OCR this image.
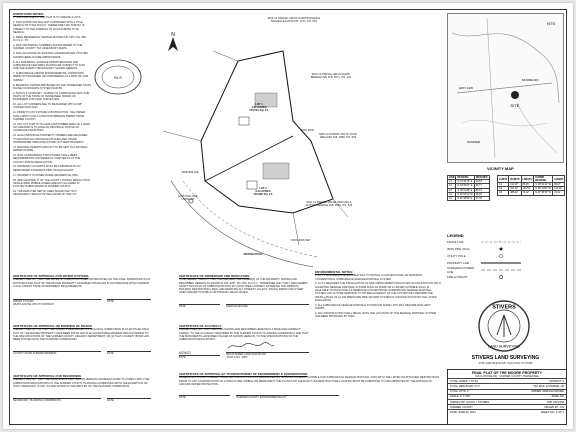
SURVEYORS NOTES:

1. THE PURPOSE OF THIS PLAT IS TO CREATE 2 LOTS.

2. THIS SURVEYOR WAS NOT FURNISHED WITH A TITLE SEARCH OR TITLE POLICY, THEREFORE THIS SURVEY IS SUBJECT TO THE FINDINGS OF AN ACCURATE TITLE SEARCH.

3. DEED REFERENCE: MARSHA MOORE R.B. 5357, PG. 860 R.O.S.C., TN.

4. MAP AND PARCEL NUMBERS SHOWN REFER TO THE SUMNER COUNTY TAX ASSESSOR'S MAPS.

5. THE LOCATIONS OF EXISTING UNDERGROUND UTILITIES SHOWN HERE ON ARE APPROXIMATE.

6. ALL BUILDINGS, SURFACE APPURTENANCES AND SUBSURFACE FEATURES SHOWN ARE SUBJECT TO THIS SITE THE SURVEY NECESSARILY SHOWN HEREON.

7. SUBSURFACE AND/OR ENVIRONMENTAL CONDITIONS WERE NOT EXAMINED OR CONSIDERED AS A PART OF THIS SURVEY.

8. BEARINGS SHOWN ARE BASED ON THE TENNESSEE STATE PLANE COORDINATE SYSTEM (NAD 83).

9. THIS IS A CATEGORY I SURVEY IN COMPLIANCE WITH THE PLATS OF THE STATE OF TENNESSEE, BOARD OF EXAMINERS FOR LAND SURVEYORS.

10. ALL LOT CORNERS ARE TO BE MARKED WITH A 5/8" CAPPED IRON ROD.

11. PRIOR TO ANY FUTURE CONSTRUCTION, THE OWNER SHALL APPLY FOR A LAND DISTURBANCE PERMIT FROM SUMNER COUNTY.

12. ANY LOT THAT IS TO HAVE A DISTURBED AREA OF 1 ACRE OR GREATER IS TO HAVE AN INDIVIDUAL NOTICE OF COVERAGE FROM TDEC.

13. EACH INDIVIDUAL PROPERTY OWNERS ARE REQUIRED TO MAINTAIN ALL DRAINAGE DITCHES AND OTHER STORMWATER INFRASTRUCTURE ON THEIR PROPERTY.

14. BUILDING PERMITS ARE NOT TO BE SETT IN A NATURAL WATERCOURSE.

15. NON-CONFORMING STRUCTURES SHALL MEET REQUIREMENTS CONTAINED AT CHAPTER 12 OF THE COUNTY ZONING RESOLUTION.

16. DRIVEWAY CULVERTS MUST BE A MINIMUM OF 15" REINFORCED CONCRETE PIPE OR EQUIVALENT.

17. PROPERTY IS ZONED RURAL RESIDENTIAL (RR).

18. PER CHAPTER 17 OF THE COUNTY ZONING RESOLUTION, SINGLE WIDE MOBILE HOMES ARE NOT ALLOWED IN PLATTED SUBDIVISIONS IN SUMNER COUNTY.

19. THE DEPICTED SEPTIC AREA SHOWN MAY NOT NECESSARILY RESULT IN THE HOUSE OF THE LOT.

RLS
N
MAP 12 PARCEL 060.03 CHRISTOPHER & MICHELLE HAUN R.B. 4971, PG. 543
MAP 12 PARCEL 060.02 DAVID BREEDLOVE R.B. 4671, PG. 451
MAP 12 PARCEL 060.01 JOHN WEILAND R.B. 4880, PG. 554
MAP 12 PARCEL 059.00 NICKUNS & AUSTIN GEORGE R.B. 4882, PG. 543
LOT 1
4.97 ACRES
216,521 SQ. FT.
LOT 2
3.00 ACRES
130,680 SQ. FT.
EXISTING FIRE HYDRANT
CENTERLINE
MOORE ROAD
IRON ROD
IRON ROD SET
SITE
HWY 31W
MOORE RD
SUMNER
NTS
VICINITY MAP
LINE	BEARING	DISTANCE
L1	N 14°44'15" E	45.64'
L2	N 40°32'07" E	35.77'
L3	S 79°21'28" E	86.13'
L4	S 23°06'11" W	26.03'
L5	S 44°18'59" E	67.78'
CURVE	RADIUS	LENGTH	CHORD BEARING	CHORD
C1	612.07'	88.15'	N 48°34'12" W	88.07'
C2	612.07'	124.50'	N 38°11'26" W	124.28'
C3	388.42'	74.12'	N 27°45'33" W	74.01'
LEGEND
FENCE LINE
IRON PIPE (OLD)
UTILITY POLE
PROPERTY LINE
OVERHEAD POWER LINE
FIRE HYDRANT
STIVERS
LAND SURVEYING
STIVERS LAND SURVEYING
1735 CARLISLE ROAD, GALLATIN, TN 37066
FINAL PLAT OF THE MOORE PROPERTY
315 & MOORE RD., SUMNER COUNTY, TENNESSEE
TOTAL ACRES: 7.97 AC	DISTRICT: 2
TOTAL NEW ROAD: 0 FT	TAX MAP: 12 PARCEL: 60
TOTAL LOTS: 2	OWNER: MARSHA MOORE
SCALE: 1" = 100'	ZONE: RR
SURVEYOR: JASON J. STIVERS	JOB: 2021-064
SUMNER COUNTY	DRAWN BY: JJS
DATE: JUNE 22, 2021	SHEET NO.: 1 OF 1
CERTIFICATE OF APPROVAL FOR WATER SYSTEMS
I HEREBY CERTIFY THAT THE WATER SYSTEM(S) OUTLINED OR INDICATED ON THE FINAL SUBDIVISION PLAT ENTITLED FINAL PLAT OF THE MOORE PROPERTY HAVE BEEN INSTALLED IN ACCORDANCE WITH CURRENT LOCAL AND/OR STATE GOVERNMENT REQUIREMENTS.
WATER SYSTEM
WHITE HOUSE UTILITY DISTRICT
DATE
CERTIFICATE OF APPROVAL OR BONDING OF ROADS
I HEREBY CERTIFY: (1) THAT THE STREETS DESIGNATED ON THIS FINAL SUBDIVISION PLAT ENTITLED FINAL PLAT OF THE MOORE PROPERTY HAVE BEEN INSTALLED IN AN ACCEPTABLE MANNER AND ACCORDING TO THE SPECIFICATIONS OF THE SUMNER COUNTY HIGHWAY DEPARTMENT, OR (2) THAT A SURETY BOND HAS BEEN POSTED WITH THE PLANNING COMMISSION.
COUNTY ROAD SUPERINTENDENT	DATE
CERTIFICATE OF APPROVAL FOR RECORDING
I HEREBY CERTIFY THAT THE SUBDIVISION PLAT SHOWN HEREON HAS BEEN FOUND TO COMPLY WITH THE SUBDIVISION REGULATIONS OF THE SUMNER COUNTY PLANNING COMMISSION WITH THE EXCEPTION OF SUCH VARIANCES, IF ANY, AS ARE NOTED IN THE MINUTES OF THE PLANNING COMMISSION.
SECRETARY, PLANNING COMMISSION	DATE
CERTIFICATE OF OWNERSHIP AND DEDICATION
I (WE) HEREBY CERTIFY THAT I AM (WE ARE) THE OWNER(S) OF THE PROPERTY SHOWN AND DESCRIBED HEREON AS FOUND IN R.B. 5357, PG. 860, R.O.S.C., TENNESSEE AND THAT I (WE) HEREBY ADOPT THIS PLAN OF SUBDIVISION WITH MY (OUR) FREE CONSENT, ESTABLISH THE MINIMUM BUILDING RESTRICTION LINES, AND DEDICATE ALL STREETS, ALLEYS, WALKS, PARKS AND OTHER OPEN SPACES TO PUBLIC OR PRIVATE USE AS NOTED.
DATE	MARSHA MOORE
CERTIFICATE OF ACCURACY
I HEREBY CERTIFY THAT THE PLAN SHOWN AND DESCRIBED HEREON IS A TRUE AND CORRECT SURVEY TO THE ACCURACY REQUIRED BY THE SUMNER COUNTY PLANNING COMMISSION, AND THAT THE MONUMENTS HAVE BEEN PLACED AS SHOWN HEREON, TO THE SPECIFICATIONS OF THE SUBDIVISION REGULATIONS.
6/29/21
DATE
REGISTERED LAND SURVEYOR
TN RLS NO. 2952
CERTIFICATE OF APPROVAL BY TN DEPARTMENT OF ENVIRONMENT & CONSERVATION
GENERAL APPROVAL IS HEREBY GRANTED FOR LOTS 1 & 2 AS DESIGNATED ON THIS PLAT AS BEING SUITABLE FOR SUBSURFACE SEWAGE DISPOSAL (SSD) WITH THE LISTED OR ATTACHED RESTRICTIONS. PRIOR TO ANY CONSTRUCTION OF A STRUCTURE, MOBILE OR PERMANENT, THE PLANS FOR THE EXACT HOUSE/STRUCTURE LOCATION MUST BE SUBMITTED TO AND APPROVED BY THE DIVISION OF GROUND WATER PROTECTION.
DATE	SUMNER COUNTY ENVIRONMENTALIST
ENVIRONMENTAL NOTES:

1. LOT 1 HAS ADEQUATE SUITABLE SOIL TO INSTALL A CONVENTIONAL OR MODIFIED CONVENTIONAL SUBSURFACE SEWAGE DISPOSAL SYSTEM.

2. LOT 2 REQUIRES THE INSTALLATION OF SOIL IMPROVEMENT PRACTICES IN CONJUNCTION WITH ACCEPTED SEWAGE DISPOSAL SYSTEM SUCH AS PUMP, OR A LIMITED SUITABLE SOILS IS AVAILABLE TO DUPLICATE A 3-BEDROOM CONVENTIONAL SUBSURFACE SEWAGE DISPOSAL SYSTEM. ANY FUTURE REPAIR(S) TO OR REPLACEMENT OF THE SYSTEM WILL REQUIRE THE INSTALLATION OF A LOW PRESSURE PIPE OR DRIP SYSTEM IN CONJUNCTION WITH THE LISTED EVALUATION.

3. ALL SUBSURFACE SEWAGE DISPOSAL SYSTEM ON SOME LOTS MAY REQUIRE EFFLUENT PUMPS.

4. NO CONSTRUCTION SHALL BEGIN UNTIL THE LOCATION OF THE SEWAGE DISPOSAL SYSTEM HAS BEEN APPROVED BY TDEC.
